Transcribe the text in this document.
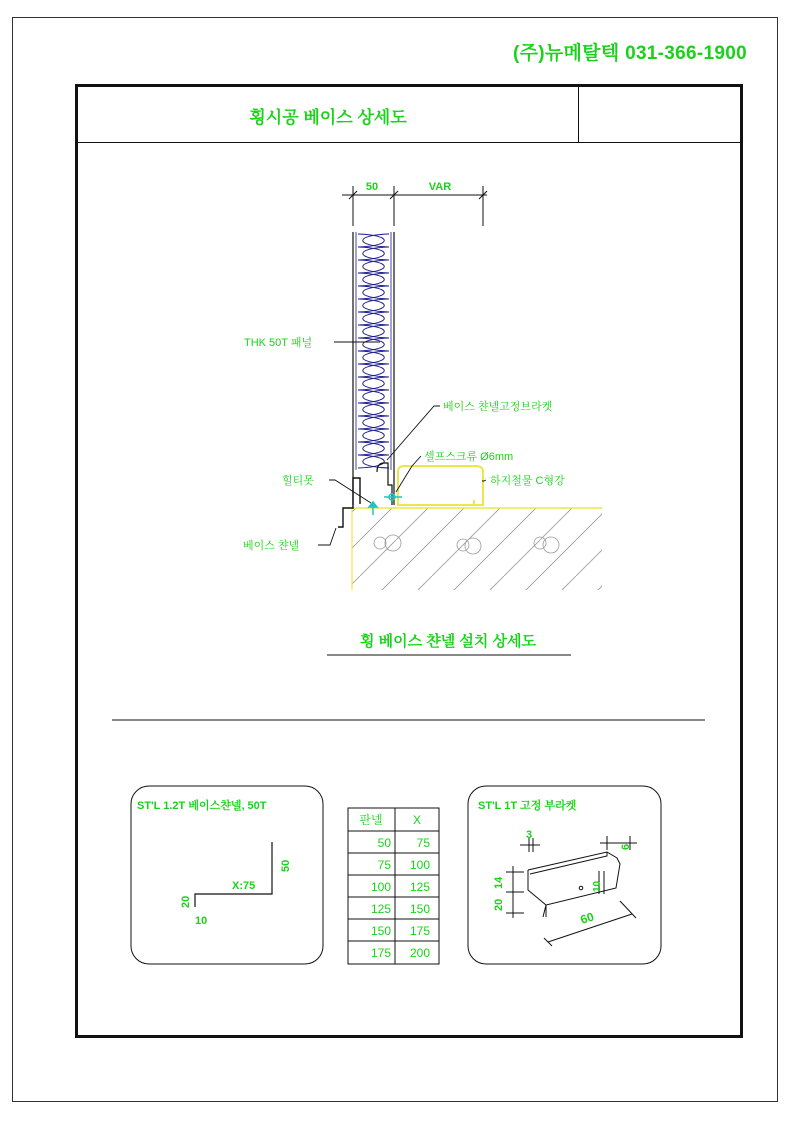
(주)뉴메탈텍 031-366-1900
횡시공 베이스 상세도
50	VAR
THK 50T 패널
베이스 챤넬고정브라켓
셀프스크류 Ø6mm
하지철물 C형강
힐티못
베이스 챤넬
횡 베이스 챤넬 설치 상세도
ST'L 1.2T 베이스챤넬, 50T
X:75
50
20
10
판넬	X
50 75
75 100
100 125
125 150
150 175
175 200
ST'L 1T 고정 부라켓
3
6
14
20
10
60
